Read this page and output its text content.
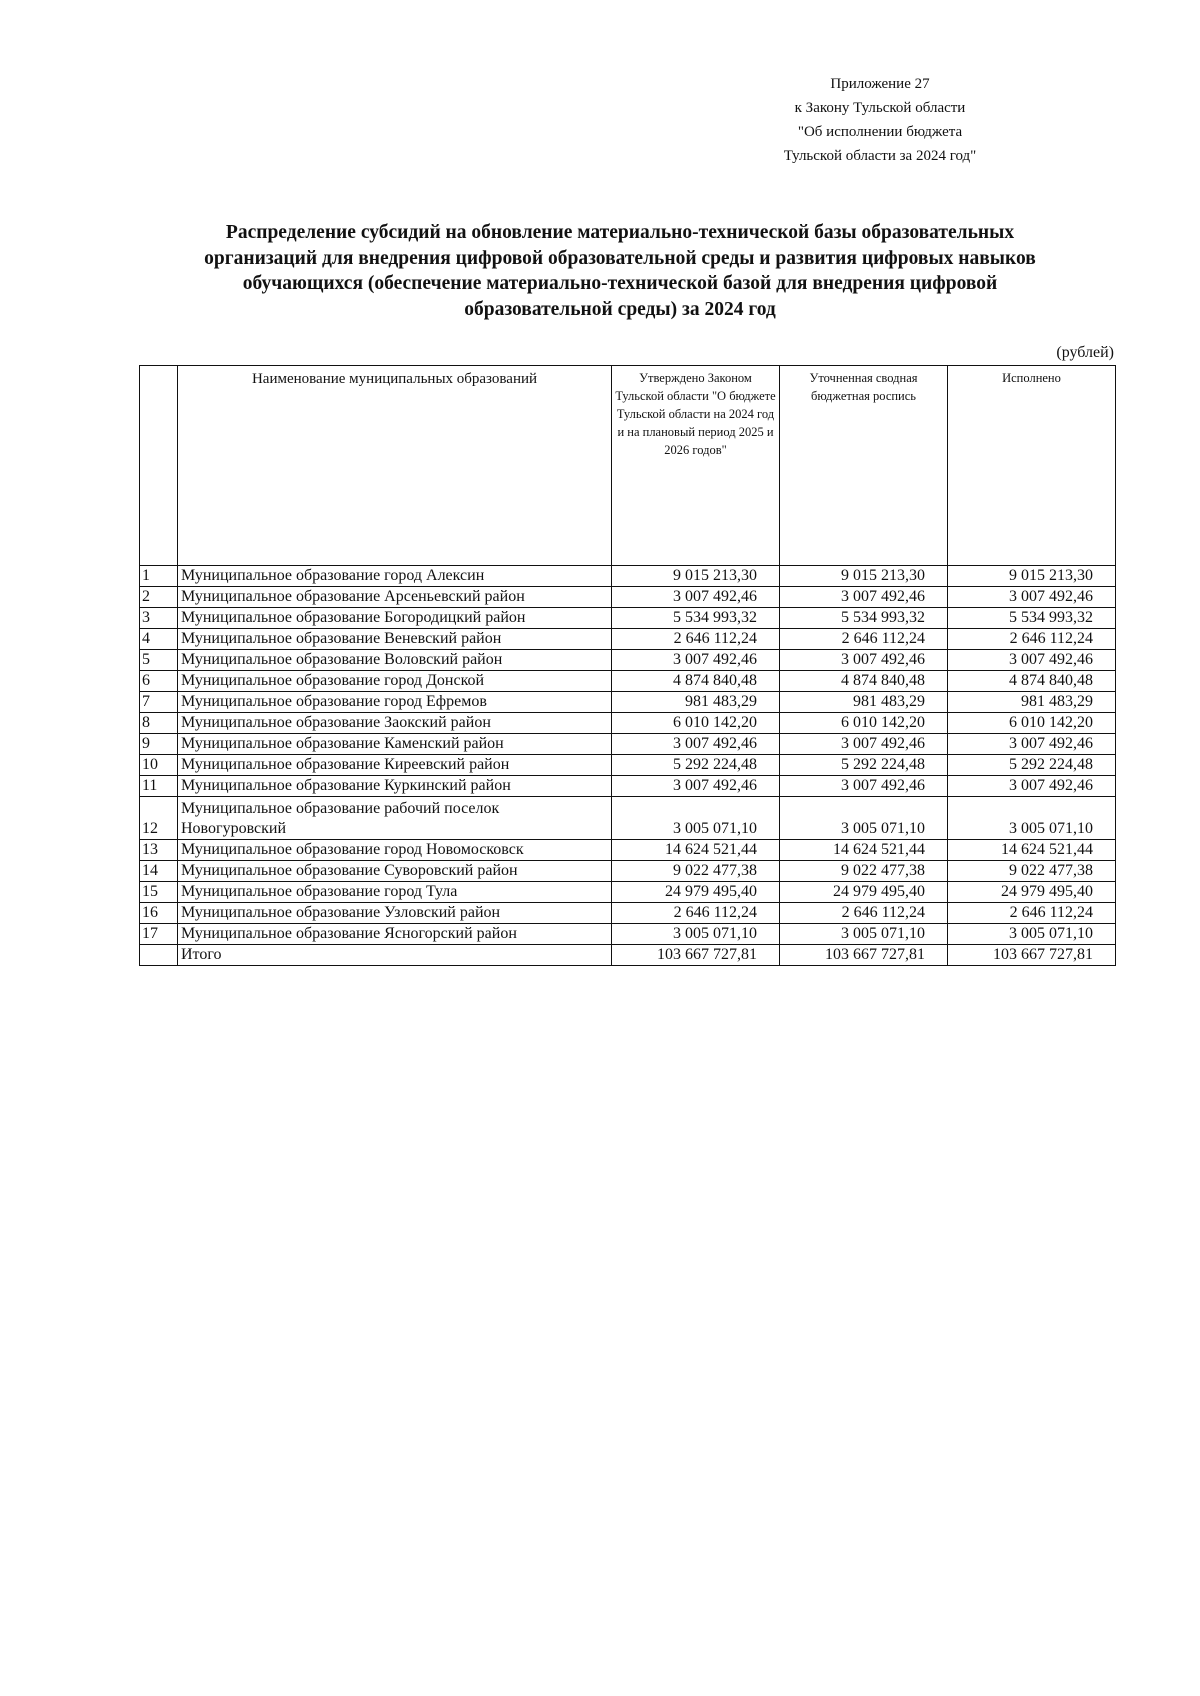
Приложение 27
к Закону Тульской области
"Об исполнении бюджета
Тульской области за 2024 год"
Распределение субсидий на обновление материально-технической базы образовательных
организаций для внедрения цифровой образовательной среды и развития цифровых навыков
обучающихся (обеспечение материально-технической базой для внедрения цифровой
образовательной среды) за 2024 год
(рублей)
	Наименование муниципальных образований	Утверждено Законом Тульской области "О бюджете Тульской области на 2024 год и на плановый период 2025 и 2026 годов"	Уточненная сводная бюджетная роспись	Исполнено
1	Муниципальное образование город Алексин	9 015 213,30	9 015 213,30	9 015 213,30
2	Муниципальное образование Арсеньевский район	3 007 492,46	3 007 492,46	3 007 492,46
3	Муниципальное образование Богородицкий район	5 534 993,32	5 534 993,32	5 534 993,32
4	Муниципальное образование Веневский район	2 646 112,24	2 646 112,24	2 646 112,24
5	Муниципальное образование Воловский район	3 007 492,46	3 007 492,46	3 007 492,46
6	Муниципальное образование город Донской	4 874 840,48	4 874 840,48	4 874 840,48
7	Муниципальное образование город Ефремов	981 483,29	981 483,29	981 483,29
8	Муниципальное образование Заокский район	6 010 142,20	6 010 142,20	6 010 142,20
9	Муниципальное образование Каменский район	3 007 492,46	3 007 492,46	3 007 492,46
10	Муниципальное образование Киреевский район	5 292 224,48	5 292 224,48	5 292 224,48
11	Муниципальное образование Куркинский район	3 007 492,46	3 007 492,46	3 007 492,46
12	Муниципальное образование рабочий поселок Новогуровский	3 005 071,10	3 005 071,10	3 005 071,10
13	Муниципальное образование город Новомосковск	14 624 521,44	14 624 521,44	14 624 521,44
14	Муниципальное образование Суворовский район	9 022 477,38	9 022 477,38	9 022 477,38
15	Муниципальное образование город Тула	24 979 495,40	24 979 495,40	24 979 495,40
16	Муниципальное образование Узловский район	2 646 112,24	2 646 112,24	2 646 112,24
17	Муниципальное образование Ясногорский район	3 005 071,10	3 005 071,10	3 005 071,10
	Итого	103 667 727,81	103 667 727,81	103 667 727,81
